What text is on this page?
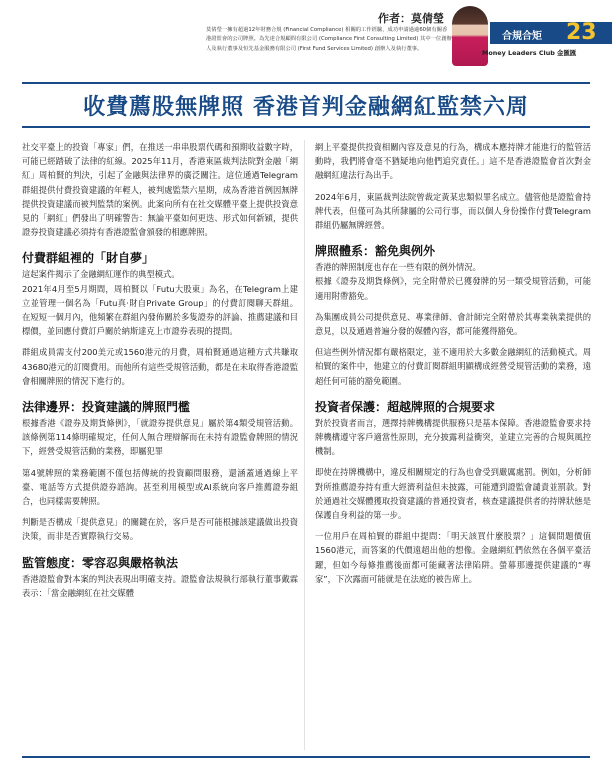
作者：莫倩瑩
莫倩瑩一擁有超過12年財務合規 (Financial Compliance) 相關的工作經驗，成功申請過逾60個有關香港證監會的公司牌照。為先達合規顧問有限公司 (Compliance First Consulting Limited) 其中一位創辦人及執行董事及恒先基金服務有限公司 (First Fund Services Limited) 創辦人及執行董事。
合規合矩 23
Money Leaders Club 金匯匯
收費薦股無牌照 香港首判金融網紅監禁六周
社交平臺上的投資「專家」們，在推送一串串股票代碼和預期收益數字時，可能已經踏破了法律的紅線。2025年11月，香港東區裁判法院對金融「網紅」周柏賢的判決，引起了金融與法律界的廣泛關注。這位通過Telegram群組提供付費投資建議的年輕人，被判處監禁六星期，成為香港首例因無牌提供投資建議而被判監禁的案例。此案向所有在社交媒體平臺上提供投資意見的「網紅」們發出了明確警告：無論平臺如何更迭、形式如何新穎，提供證券投資建議必須持有香港證監會頒發的相應牌照。
付費群組裡的「財自夢」
這起案件揭示了金融網紅運作的典型模式。
2021年4月至5月期間，周柏賢以「Futu大股東」為名，在Telegram上建立並管理一個名為「Futu真·財自Private Group」的付費訂閱聊天群組。在短短一個月內，他頻繁在群組內發佈關於多隻證券的評論、推薦建議和目標價，並回應付費訂戶關於納斯達克上市證券表現的提問。
群組成員需支付200美元或1560港元的月費，周柏賢通過這種方式共賺取43680港元的訂閱費用。而他所有這些受規管活動，都是在未取得香港證監會相關牌照的情況下進行的。
法律邊界：投資建議的牌照門檻
根據香港《證券及期貨條例》，「就證券提供意見」屬於第4類受規管活動。該條例第114條明確規定，任何人無合理辯解而在未持有證監會牌照的情況下，經營受規管活動的業務，即屬犯罪
第4號牌照的業務範圍不僅包括傳統的投資顧問服務，還涵蓋通過線上平臺、電話等方式提供證券諮詢。甚至利用模型或AI系統向客戶推薦證券組合，也同樣需要牌照。
判斷是否構成「提供意見」的關鍵在於，客戶是否可能根據該建議做出投資決策，而非是否實際執行交易。
監管態度：零容忍與嚴格執法
香港證監會對本案的判決表現出明確支持。證監會法規執行部執行董事戴霖表示：「當金融網紅在社交媒體
網上平臺提供投資相關內容及意見的行為，構成本應持牌才能進行的監管活動時，我們將會毫不猶疑地向他們追究責任。」這不是香港證監會首次對金融網紅違法行為出手。
2024年6月，東區裁判法院曾裁定黃某忠類似罪名成立。儘管他是證監會持牌代表，但僅可為其所隸屬的公司行事，而以個人身份操作付費Telegram群組仍屬無牌經營。
牌照體系：豁免與例外
香港的牌照制度也存在一些有限的例外情況。
根據《證券及期貨條例》，完全附帶於已獲發牌的另一類受規管活動，可能適用附帶豁免。
為集團成員公司提供意見、專業律師、會計師完全附帶於其專業執業提供的意見，以及通過普遍分發的媒體內容，都可能獲得豁免。
但這些例外情況都有嚴格限定，並不適用於大多數金融網紅的活動模式。周柏賢的案件中，他建立的付費訂閱群組明顯構成經營受規管活動的業務，遠超任何可能的豁免範圍。
投資者保護：超越牌照的合規要求
對於投資者而言，選擇持牌機構提供服務只是基本保障。香港證監會要求持牌機構遵守客戶適當性原則，充分披露利益衝突，並建立完善的合規與風控機制。
即使在持牌機構中，違反相關規定的行為也會受到嚴厲處罰。例如，分析師對所推薦證券持有重大經濟利益但未披露，可能遭到證監會譴責並罰款。對於通過社交媒體獲取投資建議的普通投資者，核查建議提供者的持牌狀態是保護自身利益的第一步。
一位用戶在周柏賢的群組中提問：「明天該買什麼股票？」這個問題價值1560港元，而答案的代價遠超出他的想像。金融網紅們依然在各個平臺活躍，但如今每條推薦後面都可能藏著法律陷阱。螢幕那邊提供建議的“專家”，下次露面可能就是在法庭的被告席上。
